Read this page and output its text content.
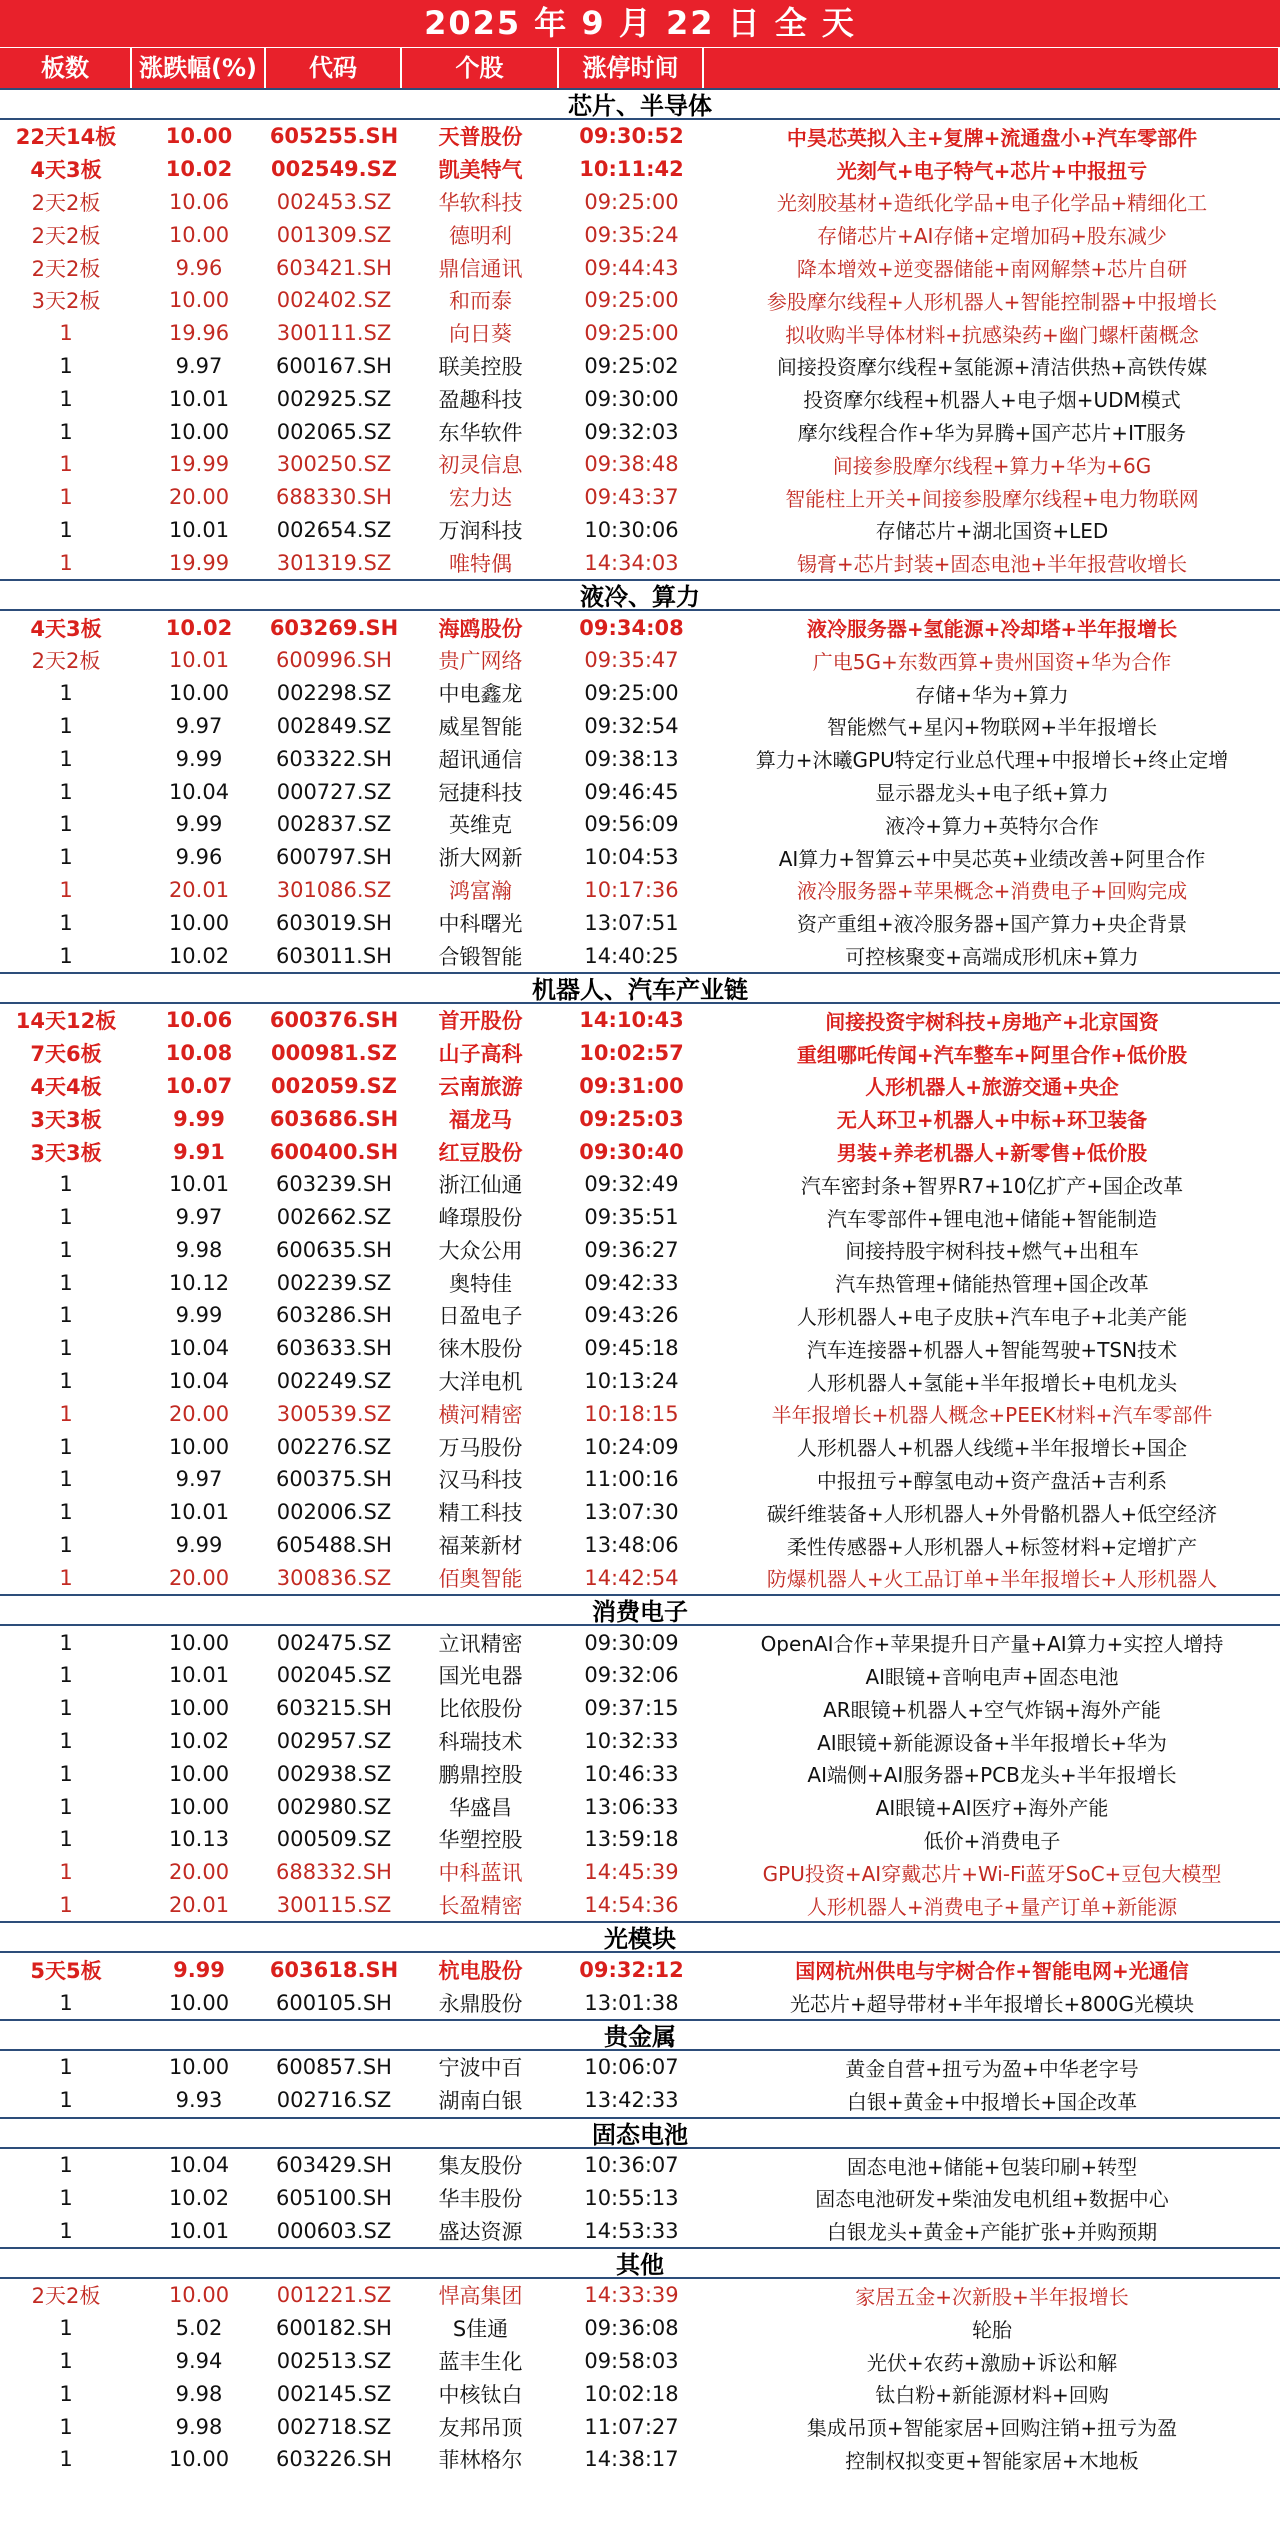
2025 年 9 月 22 日 全 天
板数	涨跌幅(%)	代码	个股	涨停时间
芯片、半导体
22天14板	10.00	605255.SH	天普股份	09:30:52	中昊芯英拟入主+复牌+流通盘小+汽车零部件
4天3板	10.02	002549.SZ	凯美特气	10:11:42	光刻气+电子特气+芯片+中报扭亏
2天2板	10.06	002453.SZ	华软科技	09:25:00	光刻胶基材+造纸化学品+电子化学品+精细化工
2天2板	10.00	001309.SZ	德明利	09:35:24	存储芯片+AI存储+定增加码+股东减少
2天2板	9.96	603421.SH	鼎信通讯	09:44:43	降本增效+逆变器储能+南网解禁+芯片自研
3天2板	10.00	002402.SZ	和而泰	09:25:00	参股摩尔线程+人形机器人+智能控制器+中报增长
1	19.96	300111.SZ	向日葵	09:25:00	拟收购半导体材料+抗感染药+幽门螺杆菌概念
1	9.97	600167.SH	联美控股	09:25:02	间接投资摩尔线程+氢能源+清洁供热+高铁传媒
1	10.01	002925.SZ	盈趣科技	09:30:00	投资摩尔线程+机器人+电子烟+UDM模式
1	10.00	002065.SZ	东华软件	09:32:03	摩尔线程合作+华为昇腾+国产芯片+IT服务
1	19.99	300250.SZ	初灵信息	09:38:48	间接参股摩尔线程+算力+华为+6G
1	20.00	688330.SH	宏力达	09:43:37	智能柱上开关+间接参股摩尔线程+电力物联网
1	10.01	002654.SZ	万润科技	10:30:06	存储芯片+湖北国资+LED
1	19.99	301319.SZ	唯特偶	14:34:03	锡膏+芯片封装+固态电池+半年报营收增长
液冷、算力
4天3板	10.02	603269.SH	海鸥股份	09:34:08	液冷服务器+氢能源+冷却塔+半年报增长
2天2板	10.01	600996.SH	贵广网络	09:35:47	广电5G+东数西算+贵州国资+华为合作
1	10.00	002298.SZ	中电鑫龙	09:25:00	存储+华为+算力
1	9.97	002849.SZ	威星智能	09:32:54	智能燃气+星闪+物联网+半年报增长
1	9.99	603322.SH	超讯通信	09:38:13	算力+沐曦GPU特定行业总代理+中报增长+终止定增
1	10.04	000727.SZ	冠捷科技	09:46:45	显示器龙头+电子纸+算力
1	9.99	002837.SZ	英维克	09:56:09	液冷+算力+英特尔合作
1	9.96	600797.SH	浙大网新	10:04:53	AI算力+智算云+中昊芯英+业绩改善+阿里合作
1	20.01	301086.SZ	鸿富瀚	10:17:36	液冷服务器+苹果概念+消费电子+回购完成
1	10.00	603019.SH	中科曙光	13:07:51	资产重组+液冷服务器+国产算力+央企背景
1	10.02	603011.SH	合锻智能	14:40:25	可控核聚变+高端成形机床+算力
机器人、汽车产业链
14天12板	10.06	600376.SH	首开股份	14:10:43	间接投资宇树科技+房地产+北京国资
7天6板	10.08	000981.SZ	山子高科	10:02:57	重组哪吒传闻+汽车整车+阿里合作+低价股
4天4板	10.07	002059.SZ	云南旅游	09:31:00	人形机器人+旅游交通+央企
3天3板	9.99	603686.SH	福龙马	09:25:03	无人环卫+机器人+中标+环卫装备
3天3板	9.91	600400.SH	红豆股份	09:30:40	男装+养老机器人+新零售+低价股
1	10.01	603239.SH	浙江仙通	09:32:49	汽车密封条+智界R7+10亿扩产+国企改革
1	9.97	002662.SZ	峰璟股份	09:35:51	汽车零部件+锂电池+储能+智能制造
1	9.98	600635.SH	大众公用	09:36:27	间接持股宇树科技+燃气+出租车
1	10.12	002239.SZ	奥特佳	09:42:33	汽车热管理+储能热管理+国企改革
1	9.99	603286.SH	日盈电子	09:43:26	人形机器人+电子皮肤+汽车电子+北美产能
1	10.04	603633.SH	徕木股份	09:45:18	汽车连接器+机器人+智能驾驶+TSN技术
1	10.04	002249.SZ	大洋电机	10:13:24	人形机器人+氢能+半年报增长+电机龙头
1	20.00	300539.SZ	横河精密	10:18:15	半年报增长+机器人概念+PEEK材料+汽车零部件
1	10.00	002276.SZ	万马股份	10:24:09	人形机器人+机器人线缆+半年报增长+国企
1	9.97	600375.SH	汉马科技	11:00:16	中报扭亏+醇氢电动+资产盘活+吉利系
1	10.01	002006.SZ	精工科技	13:07:30	碳纤维装备+人形机器人+外骨骼机器人+低空经济
1	9.99	605488.SH	福莱新材	13:48:06	柔性传感器+人形机器人+标签材料+定增扩产
1	20.00	300836.SZ	佰奥智能	14:42:54	防爆机器人+火工品订单+半年报增长+人形机器人
消费电子
1	10.00	002475.SZ	立讯精密	09:30:09	OpenAI合作+苹果提升日产量+AI算力+实控人增持
1	10.01	002045.SZ	国光电器	09:32:06	AI眼镜+音响电声+固态电池
1	10.00	603215.SH	比依股份	09:37:15	AR眼镜+机器人+空气炸锅+海外产能
1	10.02	002957.SZ	科瑞技术	10:32:33	AI眼镜+新能源设备+半年报增长+华为
1	10.00	002938.SZ	鹏鼎控股	10:46:33	AI端侧+AI服务器+PCB龙头+半年报增长
1	10.00	002980.SZ	华盛昌	13:06:33	AI眼镜+AI医疗+海外产能
1	10.13	000509.SZ	华塑控股	13:59:18	低价+消费电子
1	20.00	688332.SH	中科蓝讯	14:45:39	GPU投资+AI穿戴芯片+Wi-Fi蓝牙SoC+豆包大模型
1	20.01	300115.SZ	长盈精密	14:54:36	人形机器人+消费电子+量产订单+新能源
光模块
5天5板	9.99	603618.SH	杭电股份	09:32:12	国网杭州供电与宇树合作+智能电网+光通信
1	10.00	600105.SH	永鼎股份	13:01:38	光芯片+超导带材+半年报增长+800G光模块
贵金属
1	10.00	600857.SH	宁波中百	10:06:07	黄金自营+扭亏为盈+中华老字号
1	9.93	002716.SZ	湖南白银	13:42:33	白银+黄金+中报增长+国企改革
固态电池
1	10.04	603429.SH	集友股份	10:36:07	固态电池+储能+包装印刷+转型
1	10.02	605100.SH	华丰股份	10:55:13	固态电池研发+柴油发电机组+数据中心
1	10.01	000603.SZ	盛达资源	14:53:33	白银龙头+黄金+产能扩张+并购预期
其他
2天2板	10.00	001221.SZ	悍高集团	14:33:39	家居五金+次新股+半年报增长
1	5.02	600182.SH	S佳通	09:36:08	轮胎
1	9.94	002513.SZ	蓝丰生化	09:58:03	光伏+农药+激励+诉讼和解
1	9.98	002145.SZ	中核钛白	10:02:18	钛白粉+新能源材料+回购
1	9.98	002718.SZ	友邦吊顶	11:07:27	集成吊顶+智能家居+回购注销+扭亏为盈
1	10.00	603226.SH	菲林格尔	14:38:17	控制权拟变更+智能家居+木地板
